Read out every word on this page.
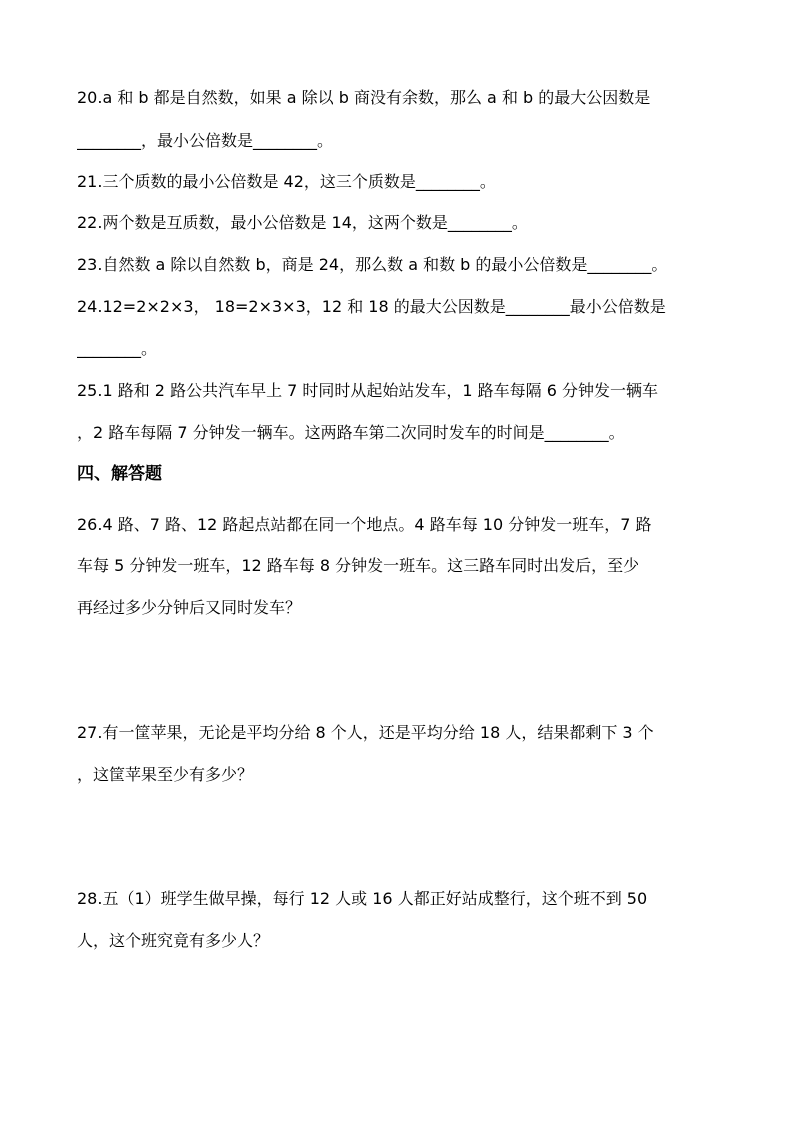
20.a 和 b 都是自然数，如果 a 除以 b 商没有余数，那么 a 和 b 的最大公因数是
________，最小公倍数是________。
21.三个质数的最小公倍数是 42，这三个质数是________。
22.两个数是互质数，最小公倍数是 14，这两个数是________。
23.自然数 a 除以自然数 b，商是 24，那么数 a 和数 b 的最小公倍数是________。
24.12=2×2×3， 18=2×3×3，12 和 18 的最大公因数是________最小公倍数是
________。
25.1 路和 2 路公共汽车早上 7 时同时从起始站发车，1 路车每隔 6 分钟发一辆车
，2 路车每隔 7 分钟发一辆车。这两路车第二次同时发车的时间是________。
四、解答题
26.4 路、7 路、12 路起点站都在同一个地点。4 路车每 10 分钟发一班车，7 路
车每 5 分钟发一班车，12 路车每 8 分钟发一班车。这三路车同时出发后，至少
再经过多少分钟后又同时发车？
27.有一筐苹果，无论是平均分给 8 个人，还是平均分给 18 人，结果都剩下 3 个
，这筐苹果至少有多少？
28.五（1）班学生做早操，每行 12 人或 16 人都正好站成整行，这个班不到 50
人，这个班究竟有多少人？
